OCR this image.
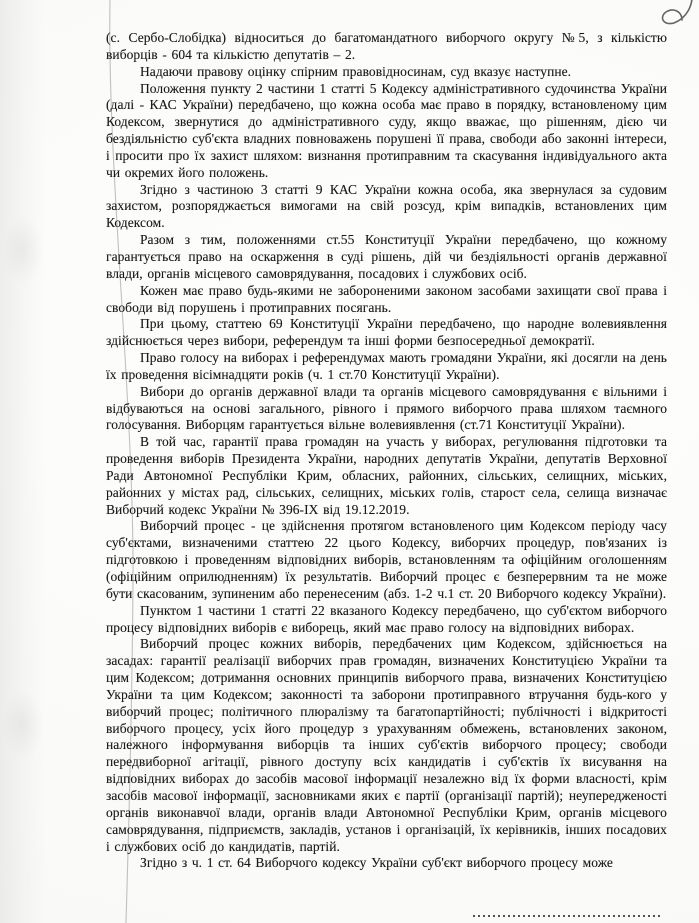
(с. Сербо-Слобідка) відноситься до багатомандатного виборчого округу №5, з кількістю виборців - 604 та кількістю депутатів – 2.

Надаючи правову оцінку спірним правовідносинам, суд вказує наступне.

Положення пункту 2 частини 1 статті 5 Кодексу адміністративного судочинства України (далі - КАС України) передбачено, що кожна особа має право в порядку, встановленому цим Кодексом, звернутися до адміністративного суду, якщо вважає, що рішенням, дією чи бездіяльністю суб'єкта владних повноважень порушені її права, свободи або законні інтереси, і просити про їх захист шляхом: визнання протиправним та скасування індивідуального акта чи окремих його положень.

Згідно з частиною 3 статті 9 КАС України кожна особа, яка звернулася за судовим захистом, розпоряджається вимогами на свій розсуд, крім випадків, встановлених цим Кодексом.

Разом з тим, положеннями ст.55 Конституції України передбачено, що кожному гарантується право на оскарження в суді рішень, дій чи бездіяльності органів державної влади, органів місцевого самоврядування, посадових і службових осіб.

Кожен має право будь-якими не забороненими законом засобами захищати свої права і свободи від порушень і протиправних посягань.

При цьому, статтею 69 Конституції України передбачено, що народне волевиявлення здійснюється через вибори, референдум та інші форми безпосередньої демократії.

Право голосу на виборах і референдумах мають громадяни України, які досягли на день їх проведення вісімнадцяти років (ч. 1 ст.70 Конституції України).

Вибори до органів державної влади та органів місцевого самоврядування є вільними і відбуваються на основі загального, рівного і прямого виборчого права шляхом таємного голосування. Виборцям гарантується вільне волевиявлення (ст.71 Конституції України).

В той час, гарантії права громадян на участь у виборах, регулювання підготовки та проведення виборів Президента України, народних депутатів України, депутатів Верховної Ради Автономної Республіки Крим, обласних, районних, сільських, селищних, міських, районних у містах рад, сільських, селищних, міських голів, старост села, селища визначає Виборчий кодекс України № 396-ІХ від 19.12.2019.

Виборчий процес - це здійснення протягом встановленого цим Кодексом періоду часу суб'єктами, визначеними статтею 22 цього Кодексу, виборчих процедур, пов'язаних із підготовкою і проведенням відповідних виборів, встановленням та офіційним оголошенням (офіційним оприлюдненням) їх результатів. Виборчий процес є безперервним та не може бути скасованим, зупиненим або перенесеним (абз. 1-2 ч.1 ст. 20 Виборчого кодексу України).

Пунктом 1 частини 1 статті 22 вказаного Кодексу передбачено, що суб'єктом виборчого процесу відповідних виборів є виборець, який має право голосу на відповідних виборах.

Виборчий процес кожних виборів, передбачених цим Кодексом, здійснюється на засадах: гарантії реалізації виборчих прав громадян, визначених Конституцією України та цим Кодексом; дотримання основних принципів виборчого права, визначених Конституцією України та цим Кодексом; законності та заборони протиправного втручання будь-кого у виборчий процес; політичного плюралізму та багатопартійності; публічності і відкритості виборчого процесу, усіх його процедур з урахуванням обмежень, встановлених законом, належного інформування виборців та інших суб'єктів виборчого процесу; свободи передвиборної агітації, рівного доступу всіх кандидатів і суб'єктів їх висування на відповідних виборах до засобів масової інформації незалежно від їх форми власності, крім засобів масової інформації, засновниками яких є партії (організації партій); неупередженості органів виконавчої влади, органів влади Автономної Республіки Крим, органів місцевого самоврядування, підприємств, закладів, установ і організацій, їх керівників, інших посадових і службових осіб до кандидатів, партій.

Згідно з ч. 1 ст. 64 Виборчого кодексу України суб'єкт виборчого процесу може
